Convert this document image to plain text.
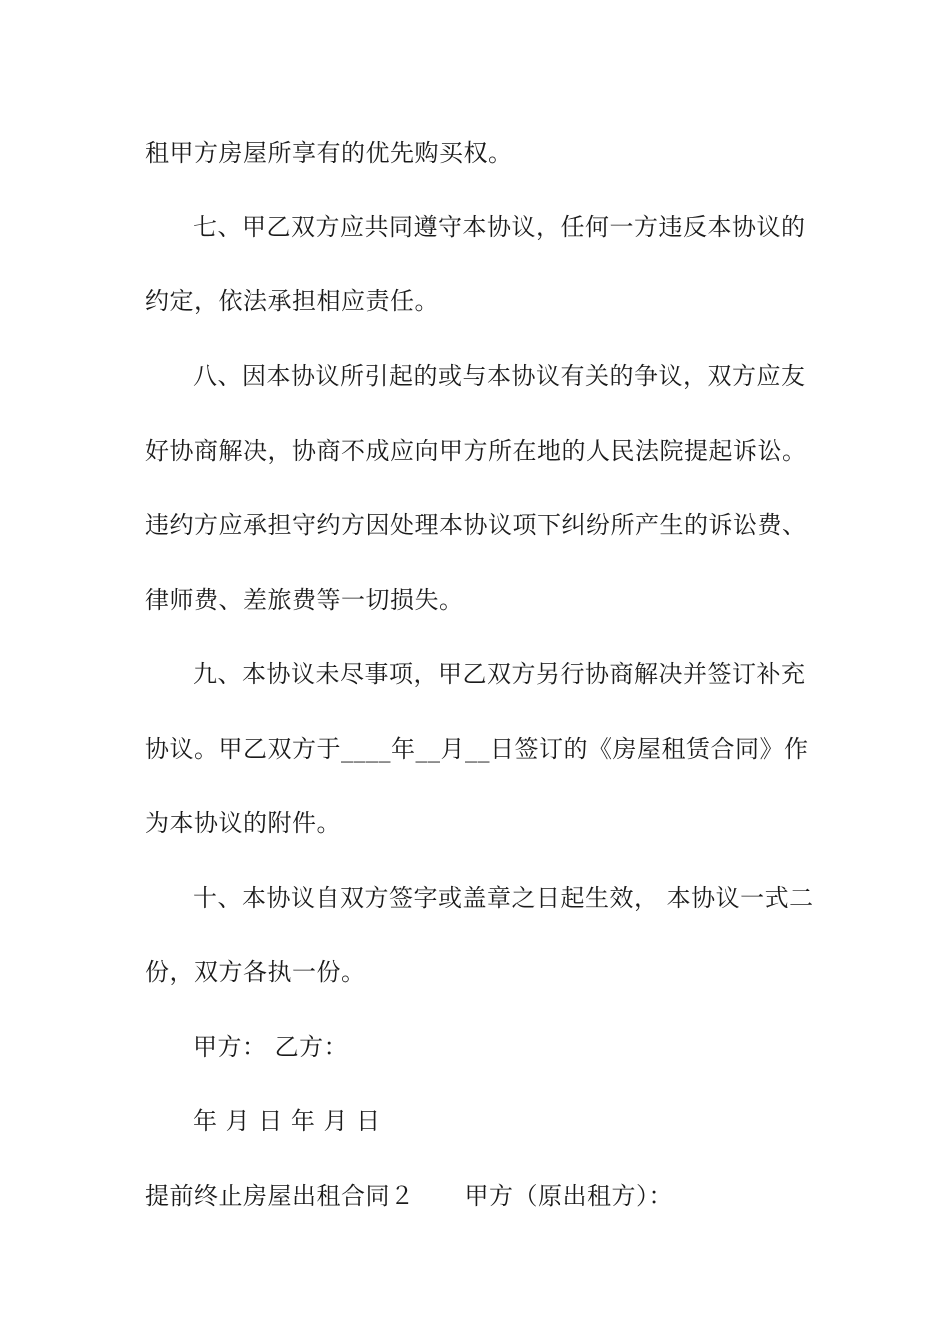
租甲方房屋所享有的优先购买权。
七、甲乙双方应共同遵守本协议，任何一方违反本协议的
约定，依法承担相应责任。
八、因本协议所引起的或与本协议有关的争议，双方应友
好协商解决，协商不成应向甲方所在地的人民法院提起诉讼。
违约方应承担守约方因处理本协议项下纠纷所产生的诉讼费、
律师费、差旅费等一切损失。
九、本协议未尽事项，甲乙双方另行协商解决并签订补充
协议。甲乙双方于____年__月__日签订的《房屋租赁合同》作
为本协议的附件。
十、本协议自双方签字或盖章之日起生效， 本协议一式二
份，双方各执一份。
甲方： 乙方：
年 月 日 年 月 日
提前终止房屋出租合同２ 甲方（原出租方）：
